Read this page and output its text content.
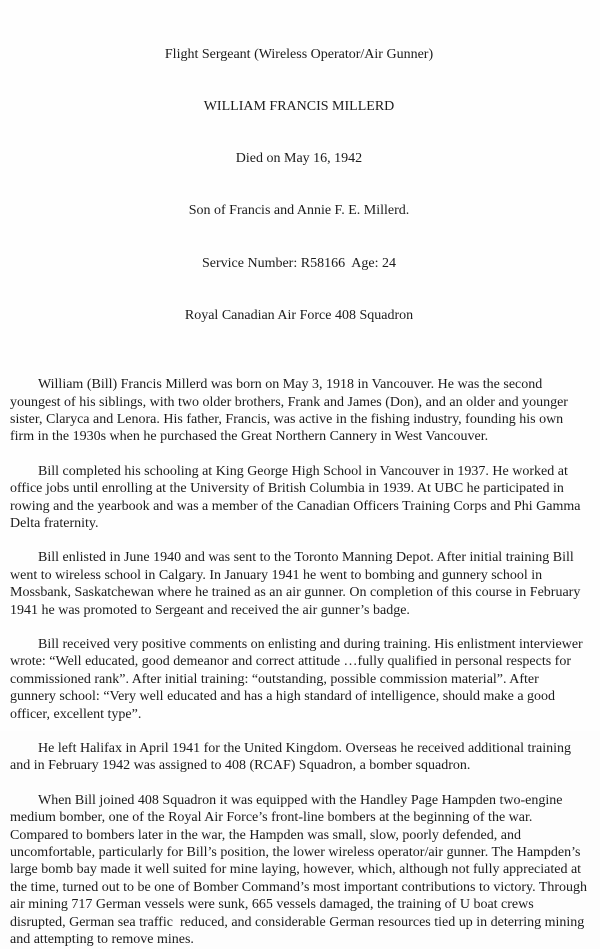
Flight Sergeant (Wireless Operator/Air Gunner)

WILLIAM FRANCIS MILLERD

Died on May 16, 1942

Son of Francis and Annie F. E. Millerd.

Service Number: R58166  Age: 24

Royal Canadian Air Force 408 Squadron

William (Bill) Francis Millerd was born on May 3, 1918 in Vancouver. He was the second youngest of his siblings, with two older brothers, Frank and James (Don), and an older and younger sister, Claryca and Lenora. His father, Francis, was active in the fishing industry, founding his own firm in the 1930s when he purchased the Great Northern Cannery in West Vancouver.

Bill completed his schooling at King George High School in Vancouver in 1937. He worked at office jobs until enrolling at the University of British Columbia in 1939. At UBC he participated in rowing and the yearbook and was a member of the Canadian Officers Training Corps and Phi Gamma Delta fraternity.

Bill enlisted in June 1940 and was sent to the Toronto Manning Depot. After initial training Bill went to wireless school in Calgary. In January 1941 he went to bombing and gunnery school in Mossbank, Saskatchewan where he trained as an air gunner. On completion of this course in February 1941 he was promoted to Sergeant and received the air gunner’s badge.

Bill received very positive comments on enlisting and during training. His enlistment interviewer wrote: “Well educated, good demeanor and correct attitude …fully qualified in personal respects for commissioned rank”. After initial training: “outstanding, possible commission material”. After gunnery school: “Very well educated and has a high standard of intelligence, should make a good officer, excellent type”.

He left Halifax in April 1941 for the United Kingdom. Overseas he received additional training and in February 1942 was assigned to 408 (RCAF) Squadron, a bomber squadron.

When Bill joined 408 Squadron it was equipped with the Handley Page Hampden two-engine medium bomber, one of the Royal Air Force’s front-line bombers at the beginning of the war. Compared to bombers later in the war, the Hampden was small, slow, poorly defended, and uncomfortable, particularly for Bill’s position, the lower wireless operator/air gunner. The Hampden’s large bomb bay made it well suited for mine laying, however, which, although not fully appreciated at the time, turned out to be one of Bomber Command’s most important contributions to victory. Through air mining 717 German vessels were sunk, 665 vessels damaged, the training of U boat crews disrupted, German sea traffic  reduced, and considerable German resources tied up in deterring mining and attempting to remove mines.
